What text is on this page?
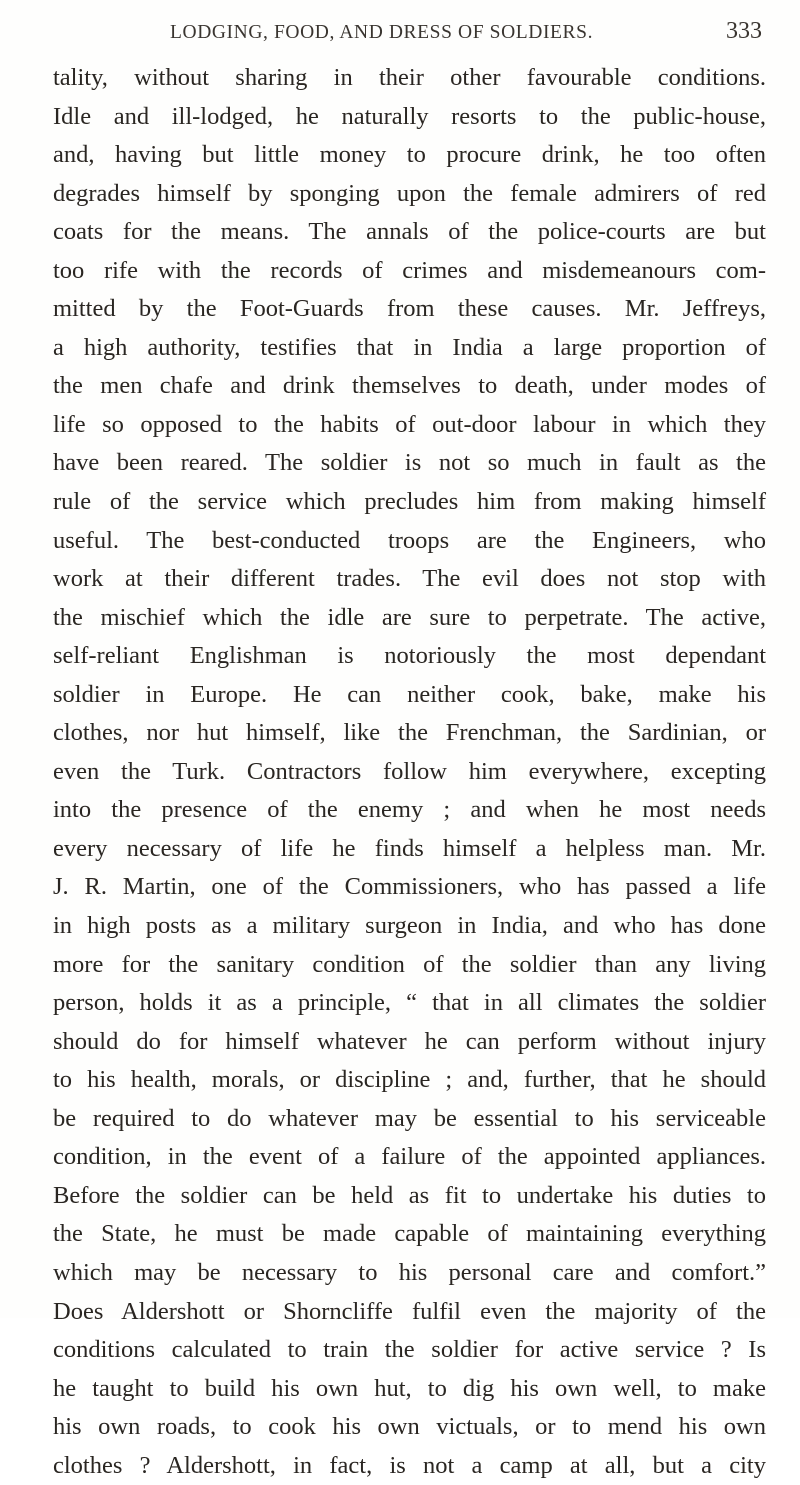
LODGING, FOOD, AND DRESS OF SOLDIERS.	333
tality, without sharing in their other favourable conditions.
Idle and ill-lodged, he naturally resorts to the public-house,
and, having but little money to procure drink, he too often
degrades himself by sponging upon the female admirers of red
coats for the means. The annals of the police-courts are but
too rife with the records of crimes and misdemeanours com-
mitted by the Foot-Guards from these causes. Mr. Jeffreys,
a high authority, testifies that in India a large proportion of
the men chafe and drink themselves to death, under modes of
life so opposed to the habits of out-door labour in which they
have been reared. The soldier is not so much in fault as the
rule of the service which precludes him from making himself
useful. The best-conducted troops are the Engineers, who
work at their different trades. The evil does not stop with
the mischief which the idle are sure to perpetrate. The active,
self-reliant Englishman is notoriously the most dependant
soldier in Europe. He can neither cook, bake, make his
clothes, nor hut himself, like the Frenchman, the Sardinian, or
even the Turk. Contractors follow him everywhere, excepting
into the presence of the enemy ; and when he most needs
every necessary of life he finds himself a helpless man. Mr.
J. R. Martin, one of the Commissioners, who has passed a life
in high posts as a military surgeon in India, and who has done
more for the sanitary condition of the soldier than any living
person, holds it as a principle, “ that in all climates the soldier
should do for himself whatever he can perform without injury
to his health, morals, or discipline ; and, further, that he should
be required to do whatever may be essential to his serviceable
condition, in the event of a failure of the appointed appliances.
Before the soldier can be held as fit to undertake his duties to
the State, he must be made capable of maintaining everything
which may be necessary to his personal care and comfort.”
Does Aldershott or Shorncliffe fulfil even the majority of the
conditions calculated to train the soldier for active service ? Is
he taught to build his own hut, to dig his own well, to make
his own roads, to cook his own victuals, or to mend his own
clothes ? Aldershott, in fact, is not a camp at all, but a city
